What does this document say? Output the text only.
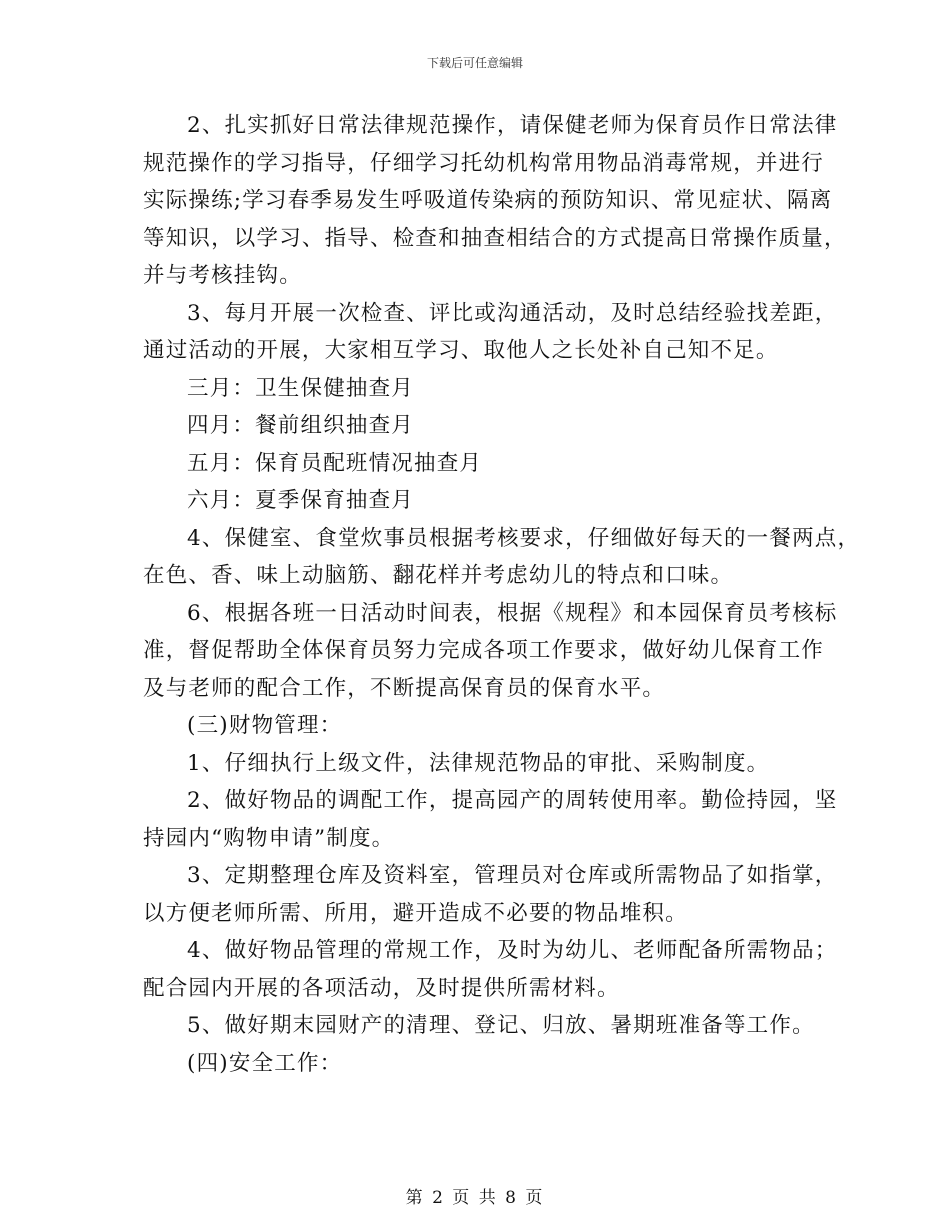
下载后可任意编辑
2、扎实抓好日常法律规范操作，请保健老师为保育员作日常法律
规范操作的学习指导，仔细学习托幼机构常用物品消毒常规，并进行
实际操练;学习春季易发生呼吸道传染病的预防知识、常见症状、隔离
等知识，以学习、指导、检查和抽查相结合的方式提高日常操作质量，
并与考核挂钩。
3、每月开展一次检查、评比或沟通活动，及时总结经验找差距，
通过活动的开展，大家相互学习、取他人之长处补自己知不足。
三月：卫生保健抽查月
四月：餐前组织抽查月
五月：保育员配班情况抽查月
六月：夏季保育抽查月
4、保健室、食堂炊事员根据考核要求，仔细做好每天的一餐两点，
在色、香、味上动脑筋、翻花样并考虑幼儿的特点和口味。
6、根据各班一日活动时间表，根据《规程》和本园保育员考核标
准，督促帮助全体保育员努力完成各项工作要求，做好幼儿保育工作
及与老师的配合工作，不断提高保育员的保育水平。
(三)财物管理：
1、仔细执行上级文件，法律规范物品的审批、采购制度。
2、做好物品的调配工作，提高园产的周转使用率。勤俭持园，坚
持园内“购物申请”制度。
3、定期整理仓库及资料室，管理员对仓库或所需物品了如指掌，
以方便老师所需、所用，避开造成不必要的物品堆积。
4、做好物品管理的常规工作，及时为幼儿、老师配备所需物品；
配合园内开展的各项活动，及时提供所需材料。
5、做好期末园财产的清理、登记、归放、暑期班准备等工作。
(四)安全工作：
第 2 页 共 8 页
